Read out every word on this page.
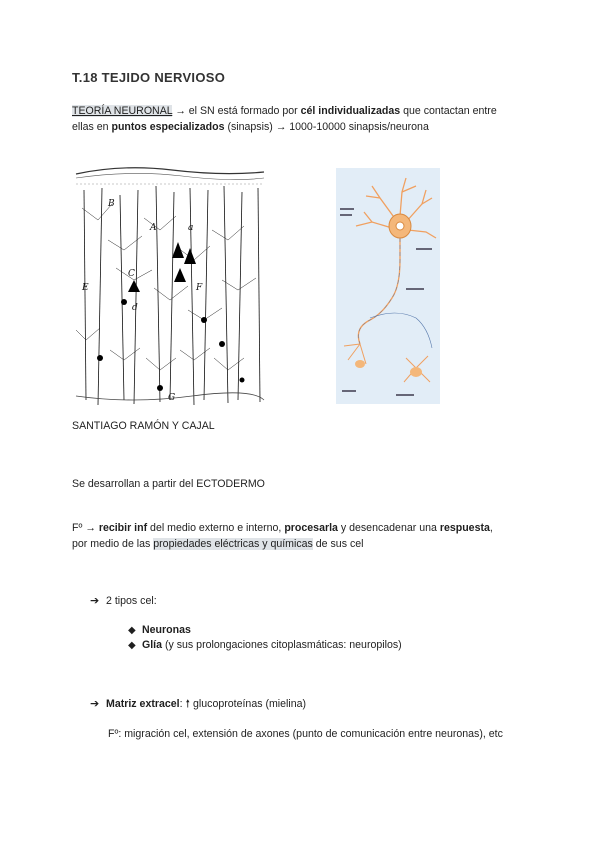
T.18 TEJIDO NERVIOSO
TEORÍA NEURONAL → el SN está formado por cél individualizadas que contactan entre
ellas en puntos especializados (sinapsis) → 1000-10000 sinapsis/neurona
B
A
C
E	F
G
a
d
SANTIAGO RAMÓN Y CAJAL
Se desarrollan a partir del ECTODERMO
Fº → recibir inf del medio externo e interno, procesarla y desencadenar una respuesta,
por medio de las propiedades eléctricas y químicas de sus cel
➔ 2 tipos cel:
◆ Neuronas
◆ Glía (y sus prolongaciones citoplasmáticas: neuropilos)
➔ Matriz extracel: 🠕 glucoproteínas (mielina)
Fº: migración cel, extensión de axones (punto de comunicación entre neuronas), etc
